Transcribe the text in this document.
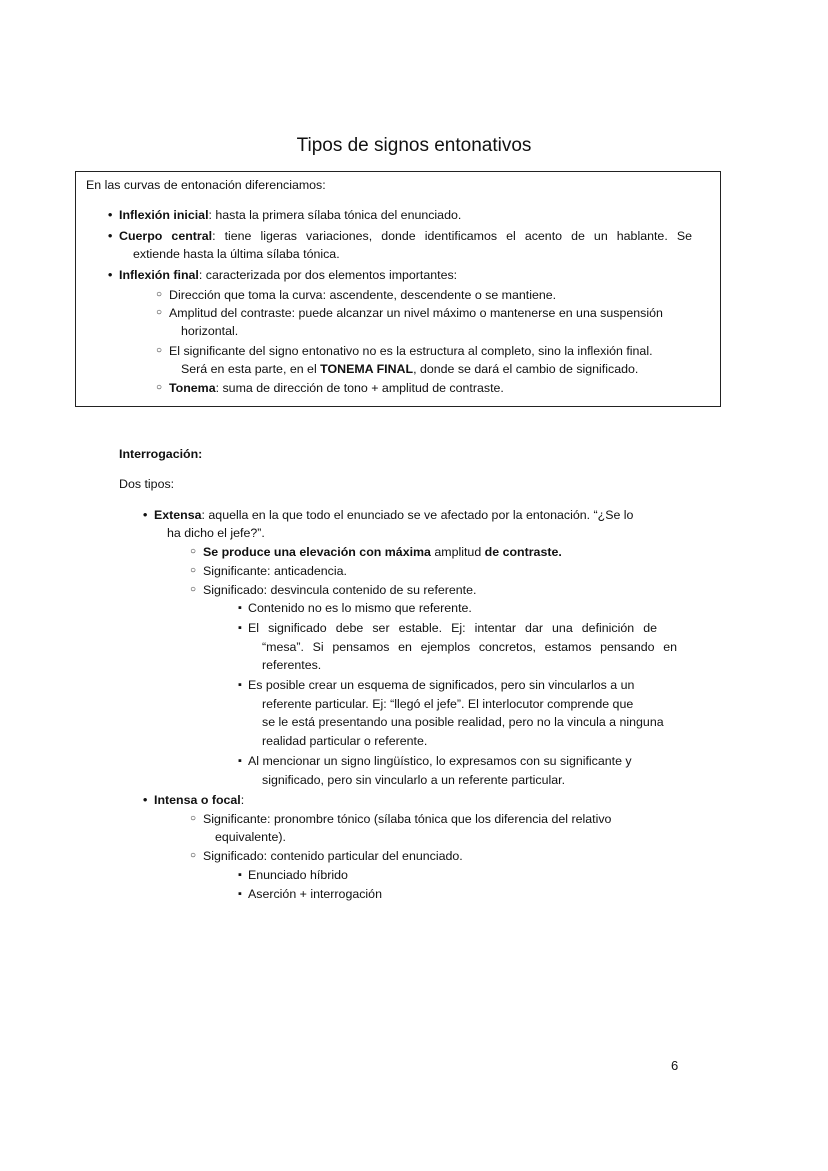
Tipos de signos entonativos
En las curvas de entonación diferenciamos:
• Inflexión inicial: hasta la primera sílaba tónica del enunciado.
• Cuerpo central: tiene ligeras variaciones, donde identificamos el acento de un hablante. Se
extiende hasta la última sílaba tónica.
• Inflexión final: caracterizada por dos elementos importantes:
○ Dirección que toma la curva: ascendente, descendente o se mantiene.
○ Amplitud del contraste: puede alcanzar un nivel máximo o mantenerse en una suspensión
horizontal.
○ El significante del signo entonativo no es la estructura al completo, sino la inflexión final.
Será en esta parte, en el TONEMA FINAL, donde se dará el cambio de significado.
○ Tonema: suma de dirección de tono + amplitud de contraste.
Interrogación:
Dos tipos:
• Extensa: aquella en la que todo el enunciado se ve afectado por la entonación. “¿Se lo
ha dicho el jefe?”.
○ Se produce una elevación con máxima amplitud de contraste.
○ Significante: anticadencia.
○ Significado: desvincula contenido de su referente.
▪ Contenido no es lo mismo que referente.
▪ El significado debe ser estable. Ej: intentar dar una definición de
“mesa”. Si pensamos en ejemplos concretos, estamos pensando en
referentes.
▪ Es posible crear un esquema de significados, pero sin vincularlos a un
referente particular. Ej: “llegó el jefe”. El interlocutor comprende que
se le está presentando una posible realidad, pero no la vincula a ninguna
realidad particular o referente.
▪ Al mencionar un signo lingüístico, lo expresamos con su significante y
significado, pero sin vincularlo a un referente particular.
• Intensa o focal:
○ Significante: pronombre tónico (sílaba tónica que los diferencia del relativo
equivalente).
○ Significado: contenido particular del enunciado.
▪ Enunciado híbrido
▪ Aserción + interrogación
6
